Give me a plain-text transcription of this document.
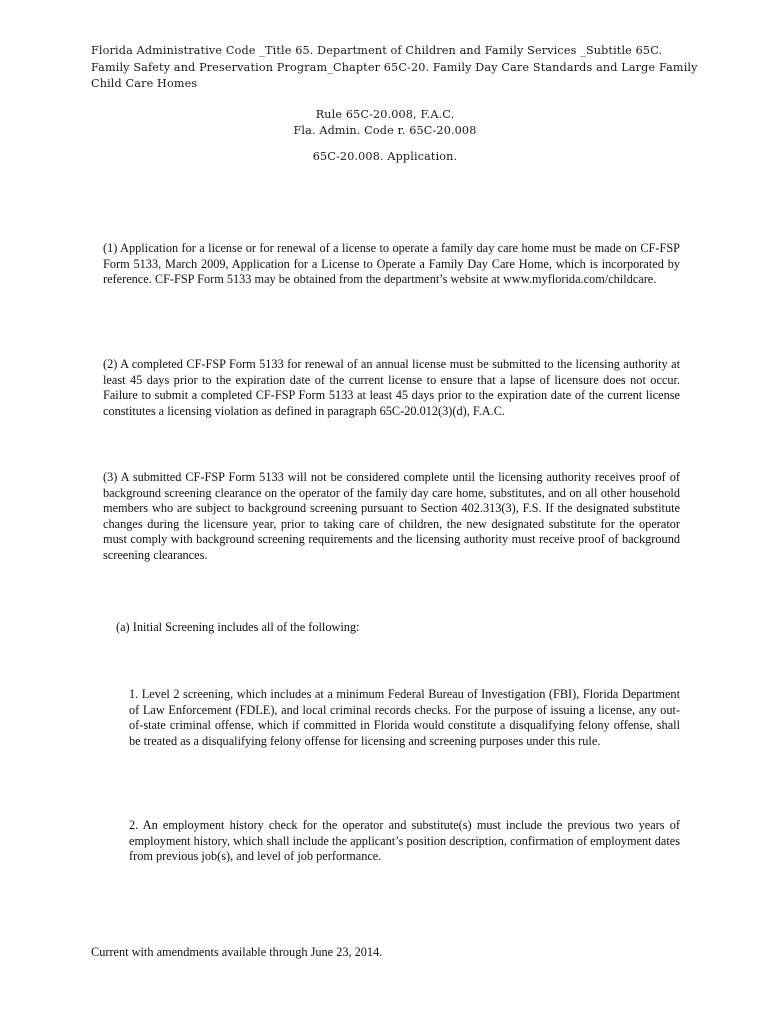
Florida Administrative Code _Title 65. Department of Children and Family Services _Subtitle 65C.
Family Safety and Preservation Program_Chapter 65C-20. Family Day Care Standards and Large Family
Child Care Homes
Rule 65C-20.008, F.A.C.
Fla. Admin. Code r. 65C-20.008
65C-20.008. Application.

(1) Application for a license or for renewal of a license to operate a family day care home must be made on CF-FSP Form 5133, March 2009, Application for a License to Operate a Family Day Care Home, which is incorporated by reference. CF-FSP Form 5133 may be obtained from the department’s website at www.myflorida.com/childcare.

(2) A completed CF-FSP Form 5133 for renewal of an annual license must be submitted to the licensing authority at least 45 days prior to the expiration date of the current license to ensure that a lapse of licensure does not occur. Failure to submit a completed CF-FSP Form 5133 at least 45 days prior to the expiration date of the current license constitutes a licensing violation as defined in paragraph 65C-20.012(3)(d), F.A.C.

(3) A submitted CF-FSP Form 5133 will not be considered complete until the licensing authority receives proof of background screening clearance on the operator of the family day care home, substitutes, and on all other household members who are subject to background screening pursuant to Section 402.313(3), F.S. If the designated substitute changes during the licensure year, prior to taking care of children, the new designated substitute for the operator must comply with background screening requirements and the licensing authority must receive proof of background screening clearances.

(a) Initial Screening includes all of the following:

1. Level 2 screening, which includes at a minimum Federal Bureau of Investigation (FBI), Florida Department of Law Enforcement (FDLE), and local criminal records checks. For the purpose of issuing a license, any out-of-state criminal offense, which if committed in Florida would constitute a disqualifying felony offense, shall be treated as a disqualifying felony offense for licensing and screening purposes under this rule.

2. An employment history check for the operator and substitute(s) must include the previous two years of employment history, which shall include the applicant’s position description, confirmation of employment dates from previous job(s), and level of job performance.

Current with amendments available through June 23, 2014.
